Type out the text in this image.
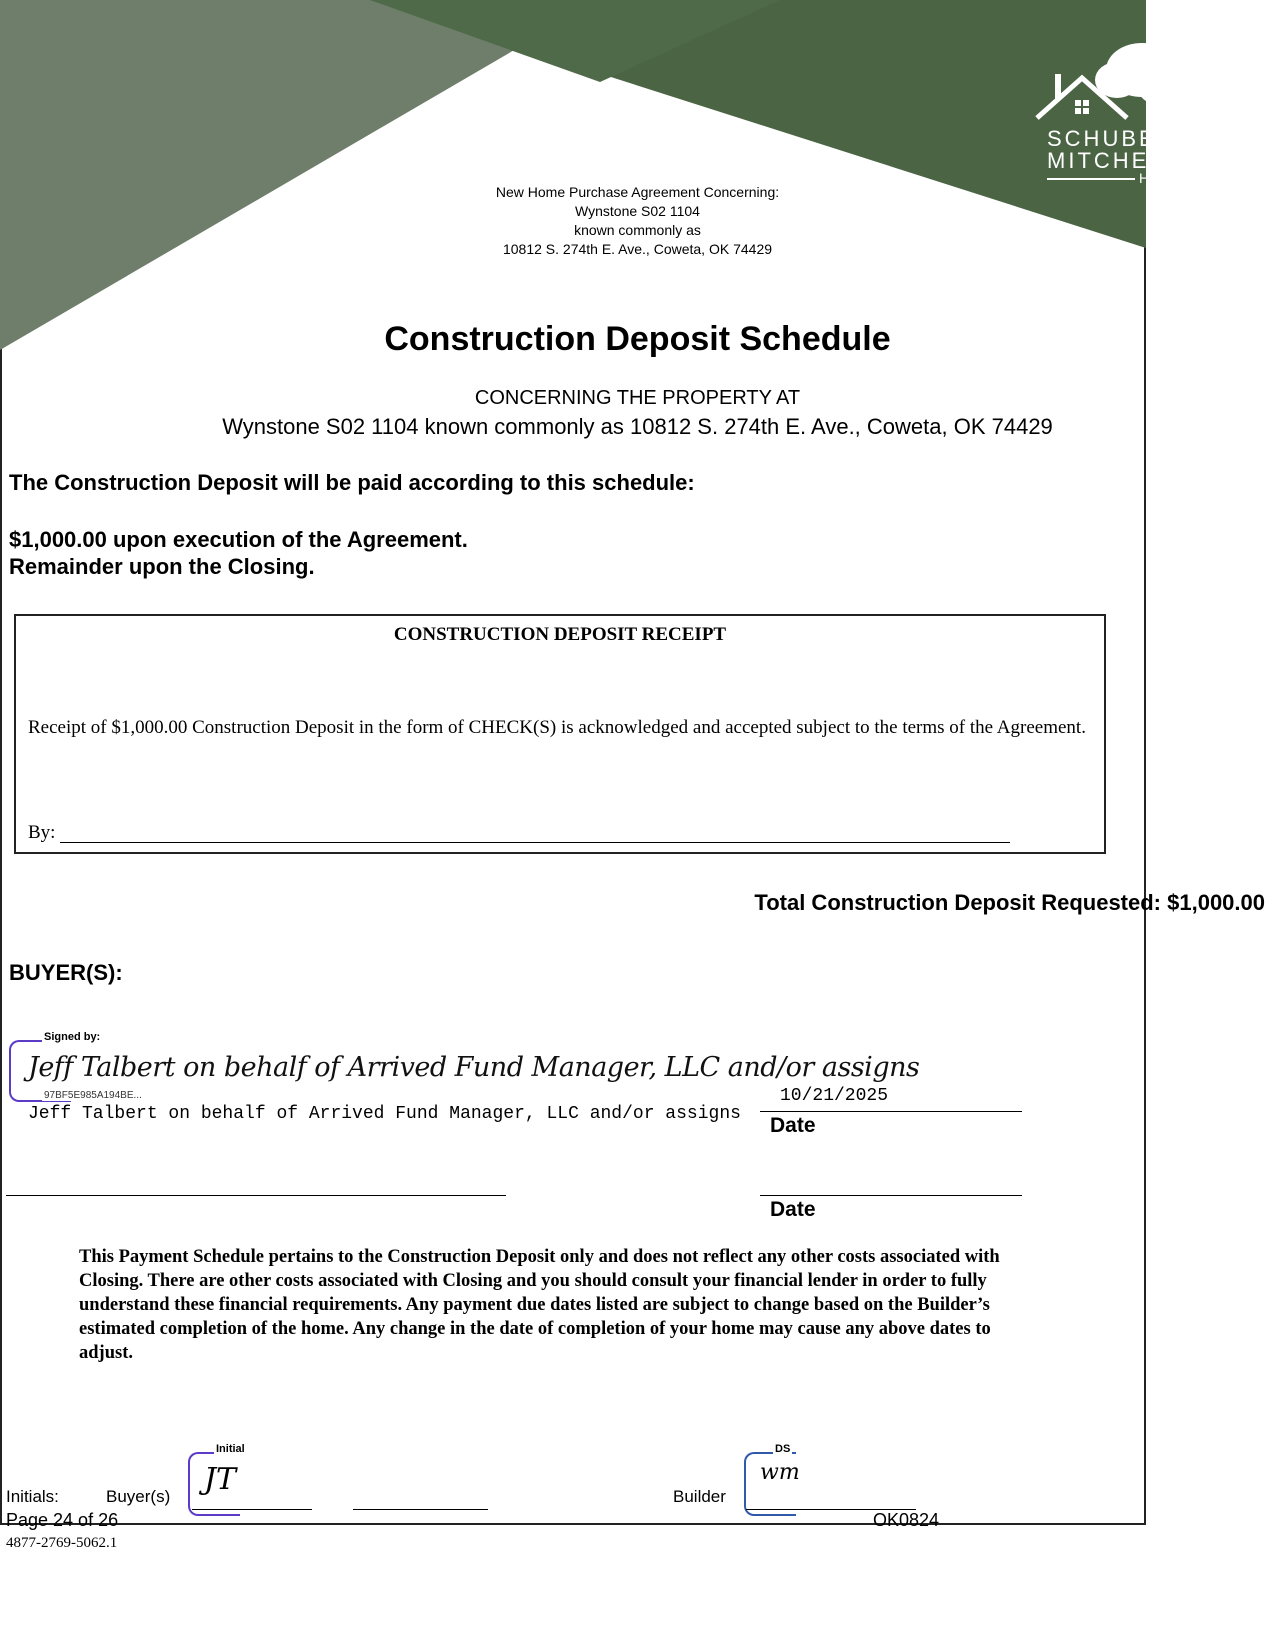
SCHUBER
MITCHELL
HOMES
New Home Purchase Agreement Concerning:
Wynstone S02 1104
known commonly as
10812 S. 274th E. Ave., Coweta, OK 74429
Construction Deposit Schedule
CONCERNING THE PROPERTY AT
Wynstone S02 1104 known commonly as 10812 S. 274th E. Ave., Coweta, OK 74429
The Construction Deposit will be paid according to this schedule:
$1,000.00 upon execution of the Agreement.
Remainder upon the Closing.
CONSTRUCTION DEPOSIT RECEIPT
Receipt of $1,000.00 Construction Deposit in the form of CHECK(S) is acknowledged and accepted subject to the terms of the Agreement.
By:
Total Construction Deposit Requested: $1,000.00
BUYER(S):
Signed by:
Jeff Talbert on behalf of Arrived Fund Manager, LLC and/or assigns
97BF5E985A194BE...
Jeff Talbert on behalf of Arrived Fund Manager, LLC and/or assigns
10/21/2025
Date
Date
This Payment Schedule pertains to the Construction Deposit only and does not reflect any other costs associated with Closing. There are other costs associated with Closing and you should consult your financial lender in order to fully understand these financial requirements. Any payment due dates listed are subject to change based on the Builder’s estimated completion of the home. Any change in the date of completion of your home may cause any above dates to adjust.
Initial
JT
DS
wm
Initials:	Buyer(s)	Builder
Page 24 of 26	OK0824
4877-2769-5062.1
